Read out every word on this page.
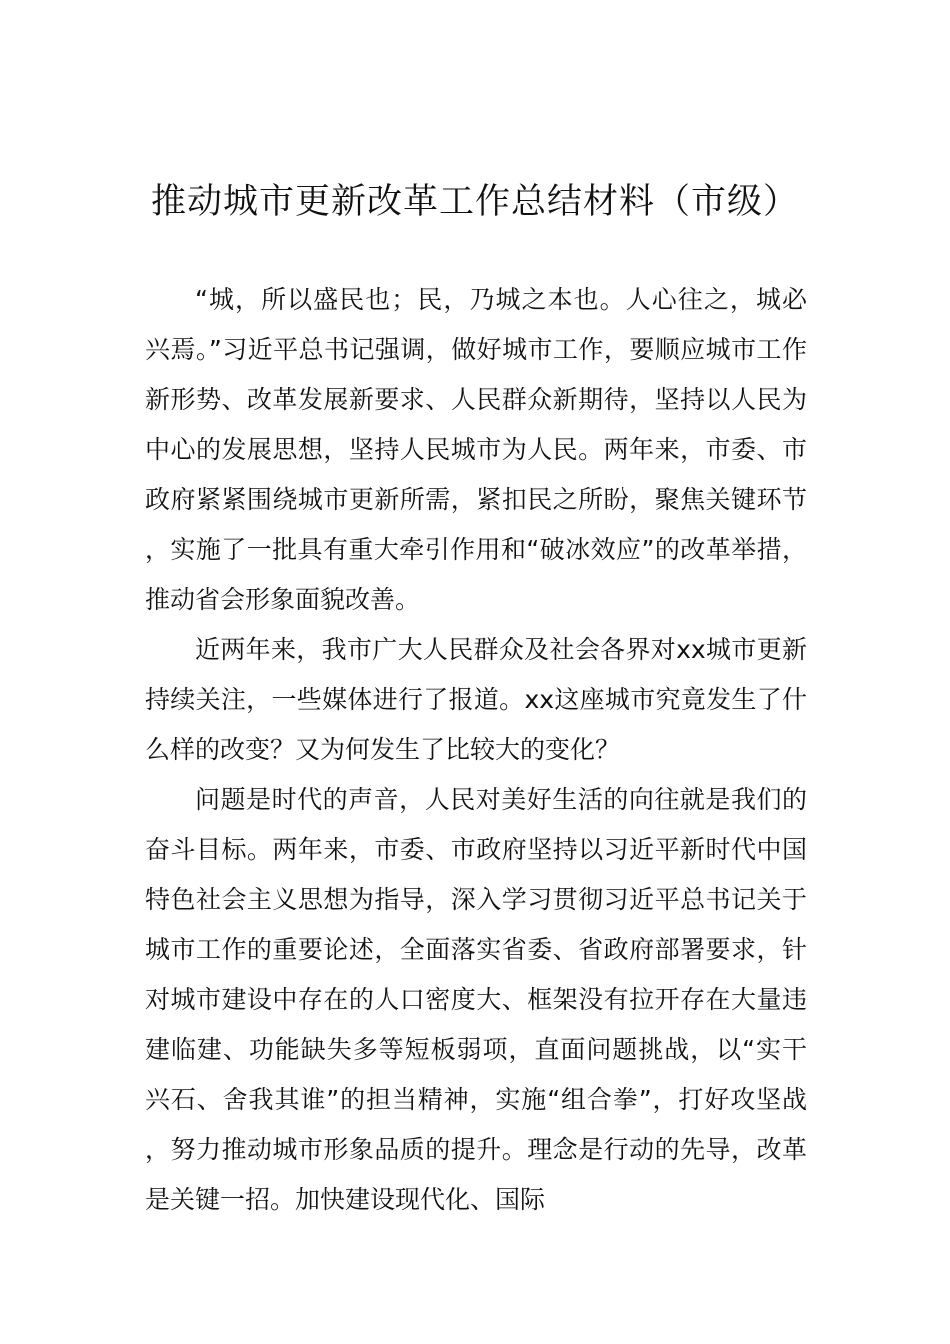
推动城市更新改革工作总结材料（市级）

“城，所以盛民也；民，乃城之本也。人心往之，城必兴焉。”习近平总书记强调，做好城市工作，要顺应城市工作新形势、改革发展新要求、人民群众新期待，坚持以人民为中心的发展思想，坚持人民城市为人民。两年来，市委、市政府紧紧围绕城市更新所需，紧扣民之所盼，聚焦关键环节，实施了一批具有重大牵引作用和“破冰效应”的改革举措，推动省会形象面貌改善。

近两年来，我市广大人民群众及社会各界对xx城市更新持续关注，一些媒体进行了报道。xx这座城市究竟发生了什么样的改变？又为何发生了比较大的变化？

问题是时代的声音，人民对美好生活的向往就是我们的奋斗目标。两年来，市委、市政府坚持以习近平新时代中国特色社会主义思想为指导，深入学习贯彻习近平总书记关于城市工作的重要论述，全面落实省委、省政府部署要求，针对城市建设中存在的人口密度大、框架没有拉开存在大量违建临建、功能缺失多等短板弱项，直面问题挑战，以“实干兴石、舍我其谁”的担当精神，实施“组合拳”，打好攻坚战，努力推动城市形象品质的提升。理念是行动的先导，改革是关键一招。加快建设现代化、国际
